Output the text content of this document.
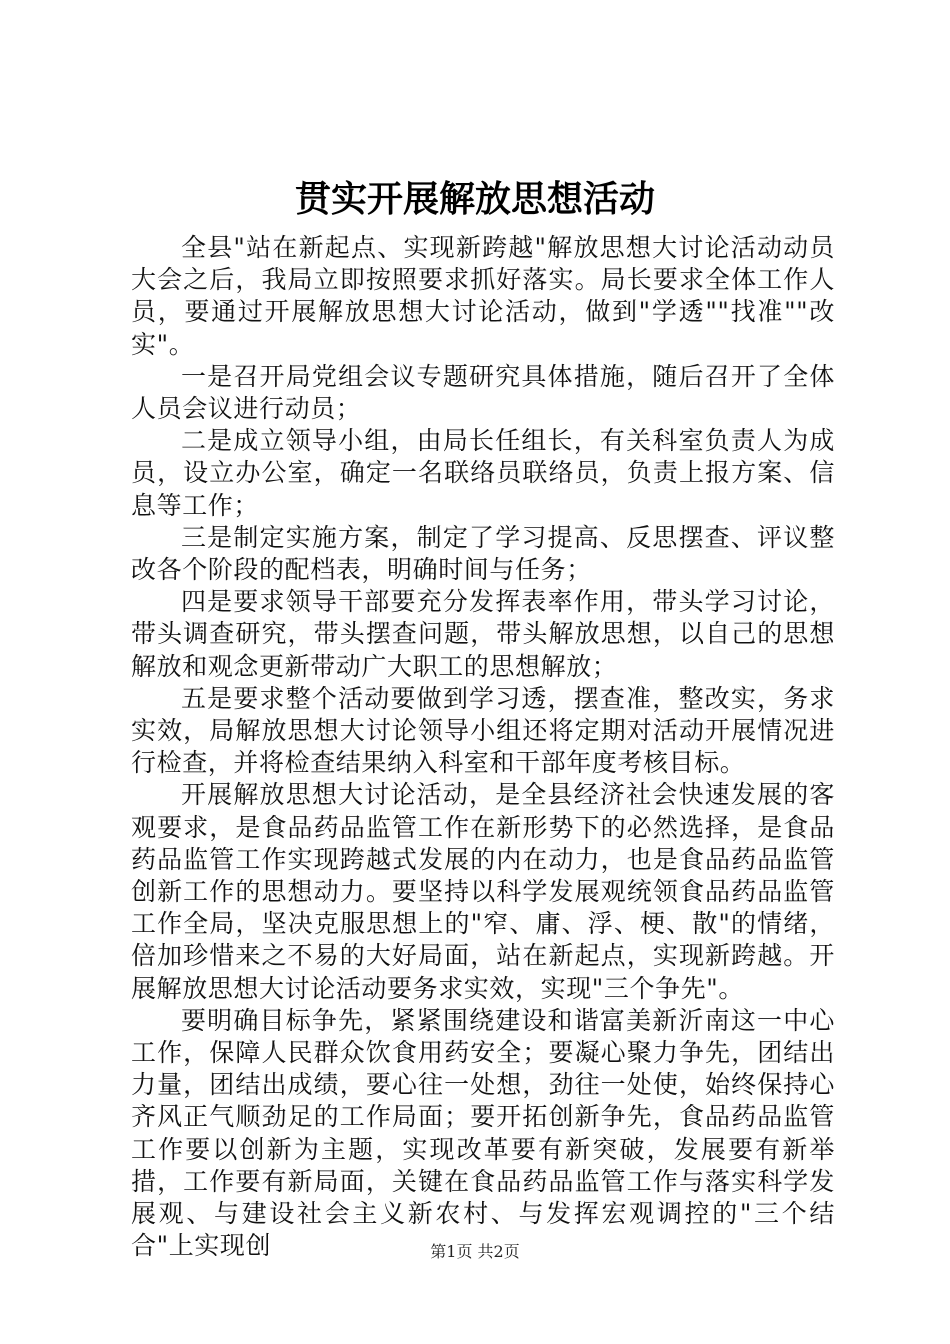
贯实开展解放思想活动

全县"站在新起点、实现新跨越"解放思想大讨论活动动员大会之后，我局立即按照要求抓好落实。局长要求全体工作人员，要通过开展解放思想大讨论活动，做到"学透""找准""改实"。

一是召开局党组会议专题研究具体措施，随后召开了全体人员会议进行动员；

二是成立领导小组，由局长任组长，有关科室负责人为成员，设立办公室，确定一名联络员联络员，负责上报方案、信息等工作；

三是制定实施方案，制定了学习提高、反思摆查、评议整改各个阶段的配档表，明确时间与任务；

四是要求领导干部要充分发挥表率作用，带头学习讨论，带头调查研究，带头摆查问题，带头解放思想，以自己的思想解放和观念更新带动广大职工的思想解放；

五是要求整个活动要做到学习透，摆查准，整改实，务求实效，局解放思想大讨论领导小组还将定期对活动开展情况进行检查，并将检查结果纳入科室和干部年度考核目标。

开展解放思想大讨论活动，是全县经济社会快速发展的客观要求，是食品药品监管工作在新形势下的必然选择，是食品药品监管工作实现跨越式发展的内在动力，也是食品药品监管创新工作的思想动力。要坚持以科学发展观统领食品药品监管工作全局，坚决克服思想上的"窄、庸、浮、梗、散"的情绪，倍加珍惜来之不易的大好局面，站在新起点，实现新跨越。开展解放思想大讨论活动要务求实效，实现"三个争先"。

要明确目标争先，紧紧围绕建设和谐富美新沂南这一中心工作，保障人民群众饮食用药安全；要凝心聚力争先，团结出力量，团结出成绩，要心往一处想，劲往一处使，始终保持心齐风正气顺劲足的工作局面；要开拓创新争先，食品药品监管工作要以创新为主题，实现改革要有新突破，发展要有新举措，工作要有新局面，关键在食品药品监管工作与落实科学发展观、与建设社会主义新农村、与发挥宏观调控的"三个结合"上实现创	第1页 共2页
